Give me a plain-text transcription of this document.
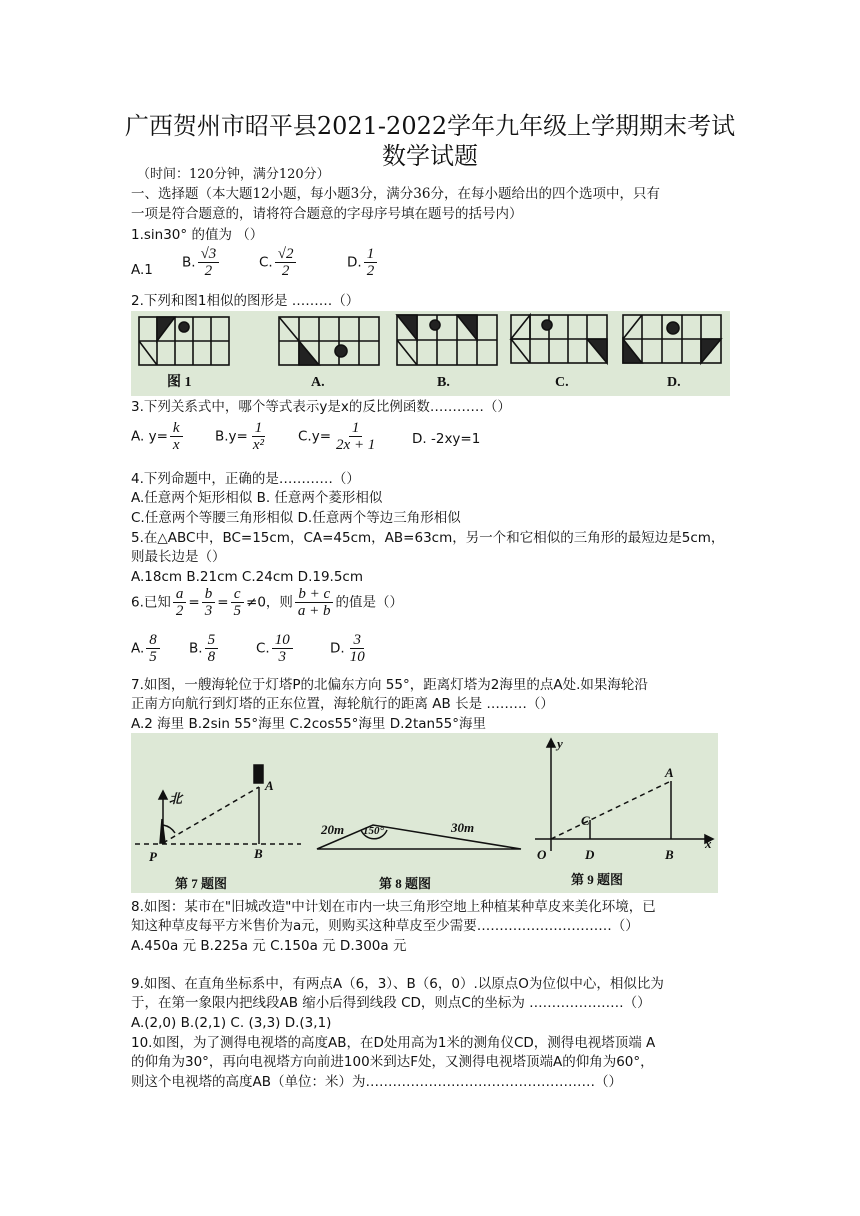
广西贺州市昭平县2021-2022学年九年级上学期期末考试
数学试题
（时间：120分钟，满分120分）
一、选择题（本大题12小题，每小题3分，满分36分，在每小题给出的四个选项中，只有
一项是符合题意的，请将符合题意的字母序号填在题号的括号内）
1.sin30° 的值为 （）
A.1 B. $\frac{√3}{2}$	C. $\frac{√2}{2}$	D. $\frac{1}{2}$
2.下列和图1相似的图形是 ………（）
图 1	A.	B.	C.	D.
3.下列关系式中，哪个等式表示y是x的反比例函数…………（）
A. $y= \frac{k}{x} B.y= \frac{1}{\text{x²}} C.y= \frac{1}{2x + 1} D$. -2xy=1
4.下列命题中，正确的是…………（）
A.任意两个矩形相似 B. 任意两个菱形相似
C.任意两个等腰三角形相似 D.任意两个等边三角形相似
5.在△ABC中，BC=15cm，CA=45cm，AB=63cm，另一个和它相似的三角形的最短边是5cm，
则最长边是（）
A.18cm B.21cm C.24cm D.19.5cm
6.已知 $\frac{a}{2} = \frac{b}{3} = \frac{c}{5} \ne 0$，则 $\frac{b + c}{a + b}$ 的值是（）
A. $\frac{8}{5} B$. $\frac{5}{8}$	C. $\frac{10}{3}$	D. $\frac{3}{10}$
7.如图，一艘海轮位于灯塔P的北偏东方向 55°，距离灯塔为2海里的点A处.如果海轮沿
正南方向航行到灯塔的正东位置，海轮航行的距离 AB 长是 ………（）
A.2 海里 B.2sin 55°海里 C.2cos55°海里 D.2tan55°海里
北
P
A
B
20m 150°	30m
y
x
O
C
D
A
B
第 7 题图	第 8 题图	第 9 题图
8.如图：某市在"旧城改造"中计划在市内一块三角形空地上种植某种草皮来美化环境，已
知这种草皮每平方米售价为a元，则购买这种草皮至少需要…………………………（）
A.450a 元 B.225a 元 C.150a 元 D.300a 元
9.如图、在直角坐标系中，有两点A（6，3）、B（6，0）.以原点O为位似中心，相似比为
于，在第一象限内把线段AB 缩小后得到线段 CD，则点C的坐标为 …………………（）
A.(2,0) B.(2,1) C. (3,3) D.(3,1)
10.如图，为了测得电视塔的高度AB，在D处用高为1米的测角仪CD，测得电视塔顶端 A
的仰角为30°，再向电视塔方向前进100米到达F处，又测得电视塔顶端A的仰角为60°，
则这个电视塔的高度AB（单位：米）为……………………………………………（）
